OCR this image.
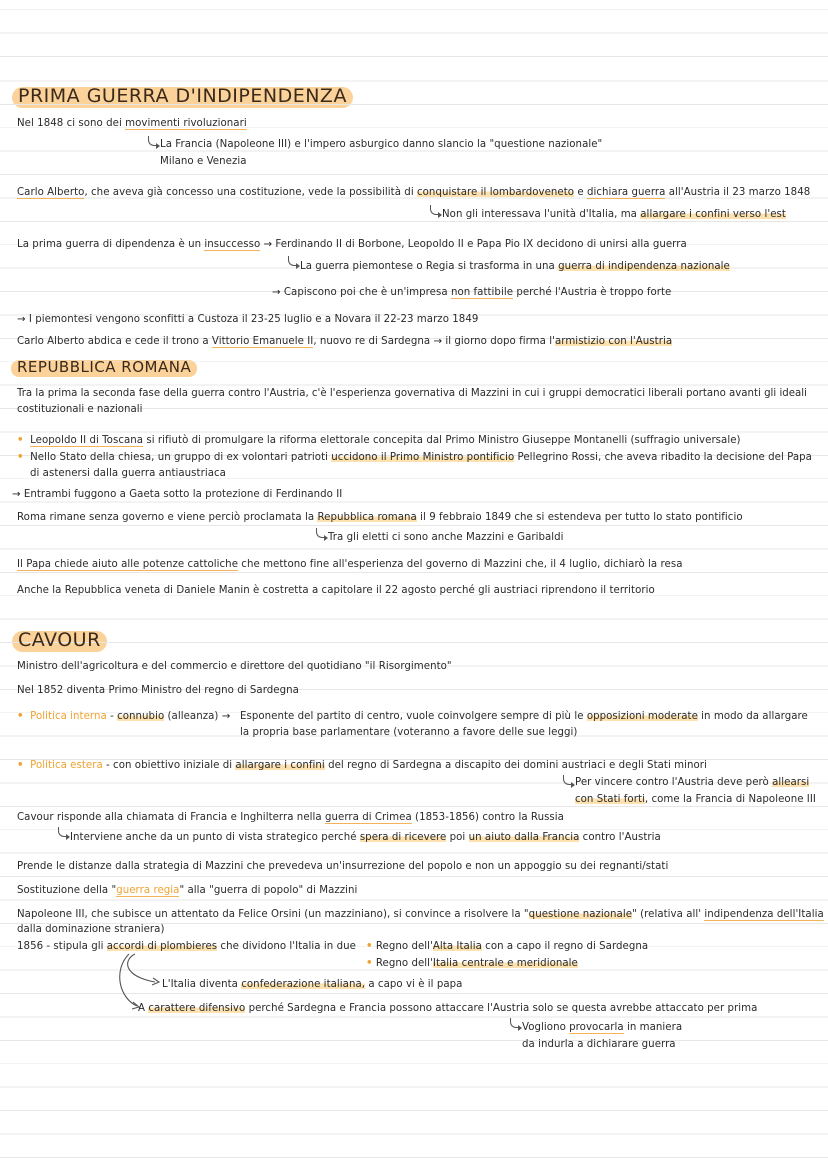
PRIMA GUERRA D'INDIPENDENZA
Nel 1848 ci sono dei movimenti rivoluzionari
La Francia (Napoleone III) e l'impero asburgico danno slancio la "questione nazionale"
Milano e Venezia
Carlo Alberto, che aveva già concesso una costituzione, vede la possibilità di conquistare il lombardoveneto e dichiara guerra all'Austria il 23 marzo 1848
Non gli interessava l'unità d'Italia, ma allargare i confini verso l'est
La prima guerra di dipendenza è un insuccesso → Ferdinando II di Borbone, Leopoldo II e Papa Pio IX decidono di unirsi alla guerra
La guerra piemontese o Regia si trasforma in una guerra di indipendenza nazionale
→ Capiscono poi che è un'impresa non fattibile perché l'Austria è troppo forte
→ I piemontesi vengono sconfitti a Custoza il 23-25 luglio e a Novara il 22-23 marzo 1849
Carlo Alberto abdica e cede il trono a Vittorio Emanuele II, nuovo re di Sardegna → il giorno dopo firma l'armistizio con l'Austria
REPUBBLICA ROMANA
Tra la prima la seconda fase della guerra contro l'Austria, c'è l'esperienza governativa di Mazzini in cui i gruppi democratici liberali portano avanti gli ideali costituzionali e nazionali
• Leopoldo II di Toscana si rifiutò di promulgare la riforma elettorale concepita dal Primo Ministro Giuseppe Montanelli (suffragio universale)
• Nello Stato della chiesa, un gruppo di ex volontari patrioti uccidono il Primo Ministro pontificio Pellegrino Rossi, che aveva ribadito la decisione del Papa
di astenersi dalla guerra antiaustriaca
→ Entrambi fuggono a Gaeta sotto la protezione di Ferdinando II
Roma rimane senza governo e viene perciò proclamata la Repubblica romana il 9 febbraio 1849 che si estendeva per tutto lo stato pontificio
Tra gli eletti ci sono anche Mazzini e Garibaldi
Il Papa chiede aiuto alle potenze cattoliche che mettono fine all'esperienza del governo di Mazzini che, il 4 luglio, dichiarò la resa
Anche la Repubblica veneta di Daniele Manin è costretta a capitolare il 22 agosto perché gli austriaci riprendono il territorio
CAVOUR
Ministro dell'agricoltura e del commercio e direttore del quotidiano "il Risorgimento"
Nel 1852 diventa Primo Ministro del regno di Sardegna
• Politica interna - connubio (alleanza) → Esponente del partito di centro, vuole coinvolgere sempre di più le opposizioni moderate in modo da allargare
la propria base parlamentare (voteranno a favore delle sue leggi)
• Politica estera - con obiettivo iniziale di allargare i confini del regno di Sardegna a discapito dei domini austriaci e degli Stati minori
Per vincere contro l'Austria deve però allearsi
con Stati forti, come la Francia di Napoleone III
Cavour risponde alla chiamata di Francia e Inghilterra nella guerra di Crimea (1853-1856) contro la Russia
Interviene anche da un punto di vista strategico perché spera di ricevere poi un aiuto dalla Francia contro l'Austria
Prende le distanze dalla strategia di Mazzini che prevedeva un'insurrezione del popolo e non un appoggio su dei regnanti/stati
Sostituzione della "guerra regia" alla "guerra di popolo" di Mazzini
Napoleone III, che subisce un attentato da Felice Orsini (un mazziniano), si convince a risolvere la "questione nazionale" (relativa all' indipendenza dell'Italia
dalla dominazione straniera)
1856 - stipula gli accordi di plombieres che dividono l'Italia in due • Regno dell'Alta Italia con a capo il regno di Sardegna
• Regno dell'Italia centrale e meridionale
L'Italia diventa confederazione italiana, a capo vi è il papa
A carattere difensivo perché Sardegna e Francia possono attaccare l'Austria solo se questa avrebbe attaccato per prima
Vogliono provocarla in maniera
da indurla a dichiarare guerra
